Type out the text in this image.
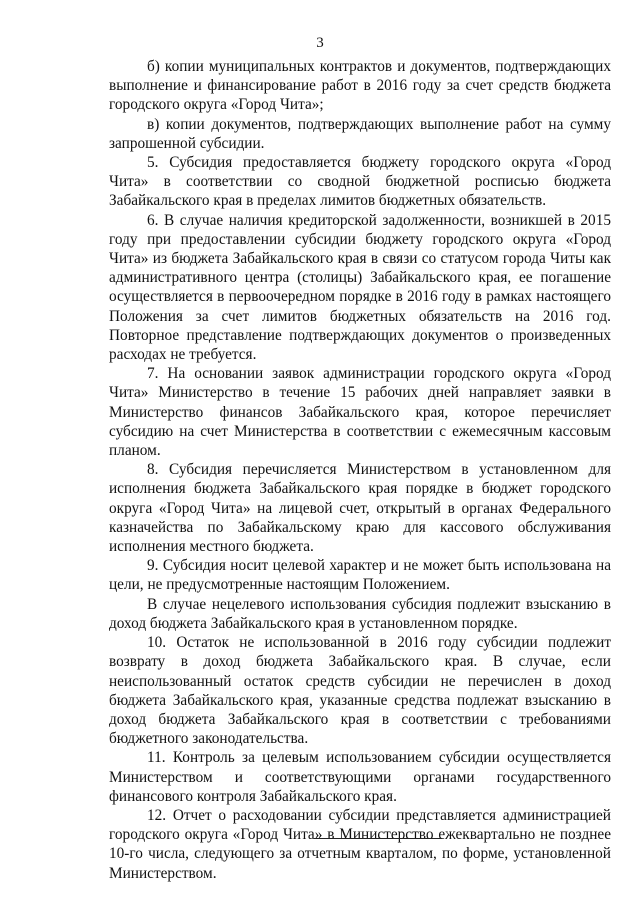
3

б) копии муниципальных контрактов и документов, подтверждающих выполнение и финансирование работ в 2016 году за счет средств бюджета городского округа «Город Чита»;

в) копии документов, подтверждающих выполнение работ на сумму запрошенной субсидии.

5. Субсидия предоставляется бюджету городского округа «Город Чита» в соответствии со сводной бюджетной росписью бюджета Забайкальского края в пределах лимитов бюджетных обязательств.

6. В случае наличия кредиторской задолженности, возникшей в 2015 году при предоставлении субсидии бюджету городского округа «Город Чита» из бюджета Забайкальского края в связи со статусом города Читы как административного центра (столицы) Забайкальского края, ее погашение осуществляется в первоочередном порядке в 2016 году в рамках настоящего Положения за счет лимитов бюджетных обязательств на 2016 год. Повторное представление подтверждающих документов о произведенных расходах не требуется.

7. На основании заявок администрации городского округа «Город Чита» Министерство в течение 15 рабочих дней направляет заявки в Министерство финансов Забайкальского края, которое перечисляет субсидию на счет Министерства в соответствии с ежемесячным кассовым планом.

8. Субсидия перечисляется Министерством в установленном для исполнения бюджета Забайкальского края порядке в бюджет городского округа «Город Чита» на лицевой счет, открытый в органах Федерального казначейства по Забайкальскому краю для кассового обслуживания исполнения местного бюджета.

9. Субсидия носит целевой характер и не может быть использована на цели, не предусмотренные настоящим Положением.

В случае нецелевого использования субсидия подлежит взысканию в доход бюджета Забайкальского края в установленном порядке.

10. Остаток не использованной в 2016 году субсидии подлежит возврату в доход бюджета Забайкальского края. В случае, если неиспользованный остаток средств субсидии не перечислен в доход бюджета Забайкальского края, указанные средства подлежат взысканию в доход бюджета Забайкальского края в соответствии с требованиями бюджетного законодательства.

11. Контроль за целевым использованием субсидии осуществляется Министерством и соответствующими органами государственного финансового контроля Забайкальского края.

12. Отчет о расходовании субсидии представляется администрацией городского округа «Город Чита» в Министерство ежеквартально не позднее 10-го числа, следующего за отчетным кварталом, по форме, установленной Министерством.
